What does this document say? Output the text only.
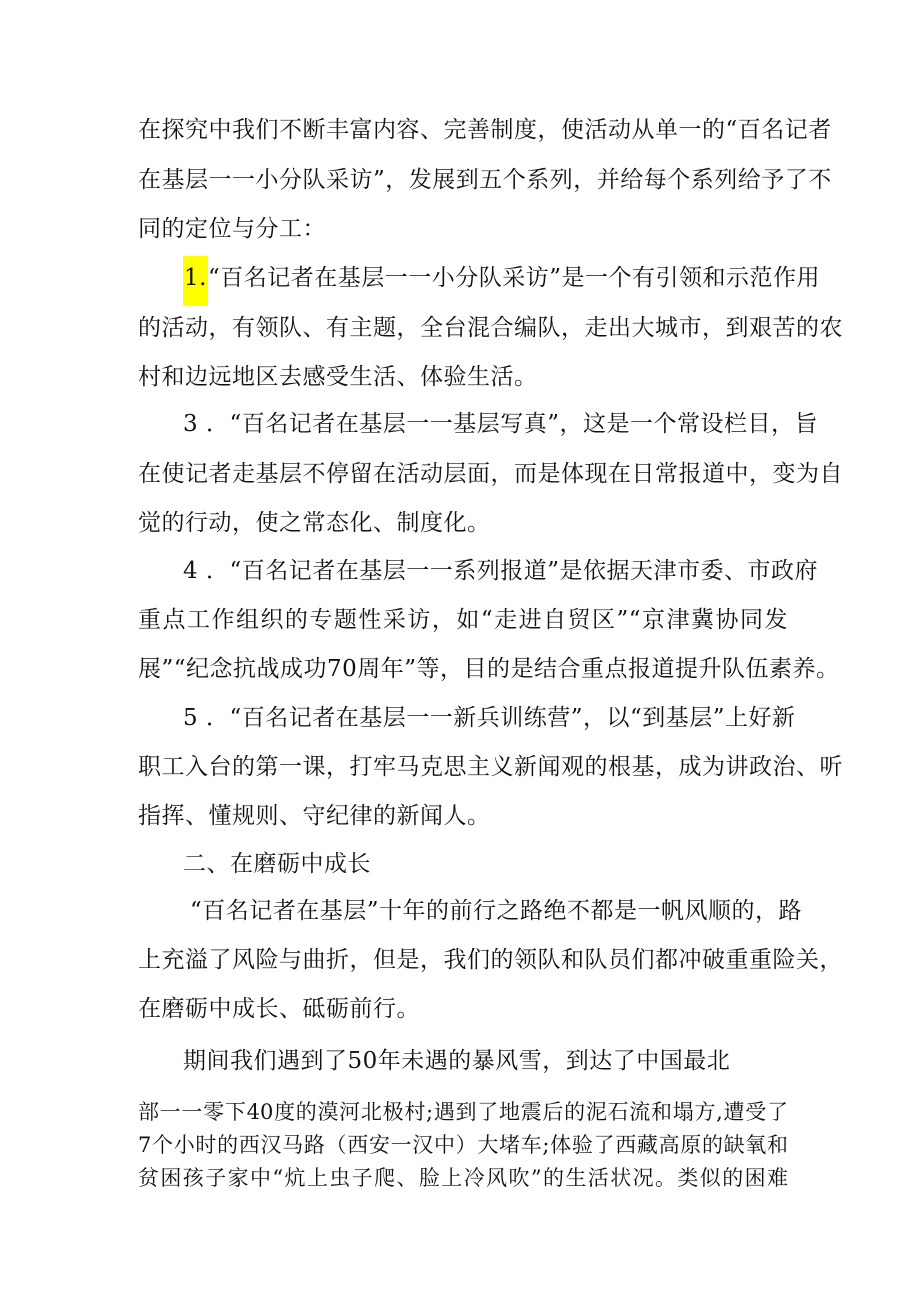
在探究中我们不断丰富内容、完善制度，使活动从单一的“百名记者
在基层一一小分队采访”，发展到五个系列，并给每个系列给予了不
同的定位与分工：
1.“百名记者在基层一一小分队采访”是一个有引领和示范作用
的活动，有领队、有主题，全台混合编队，走出大城市，到艰苦的农
村和边远地区去感受生活、体验生活。
3 ．“百名记者在基层一一基层写真”，这是一个常设栏目，旨
在使记者走基层不停留在活动层面，而是体现在日常报道中，变为自
觉的行动，使之常态化、制度化。
4 ．“百名记者在基层一一系列报道”是依据天津市委、市政府
重点工作组织的专题性采访，如“走进自贸区”“京津冀协同发
展”“纪念抗战成功70周年”等，目的是结合重点报道提升队伍素养。
5 ．“百名记者在基层一一新兵训练营”，以“到基层”上好新
职工入台的第一课，打牢马克思主义新闻观的根基，成为讲政治、听
指挥、懂规则、守纪律的新闻人。
二、在磨砺中成长
“百名记者在基层”十年的前行之路绝不都是一帆风顺的，路
上充溢了风险与曲折，但是，我们的领队和队员们都冲破重重险关，
在磨砺中成长、砥砺前行。
期间我们遇到了50年未遇的暴风雪，到达了中国最北
部一一零下40度的漠河北极村;遇到了地震后的泥石流和塌方,遭受了
7个小时的西汉马路（西安一汉中）大堵车;体验了西藏高原的缺氧和
贫困孩子家中“炕上虫子爬、脸上冷风吹”的生活状况。类似的困难
